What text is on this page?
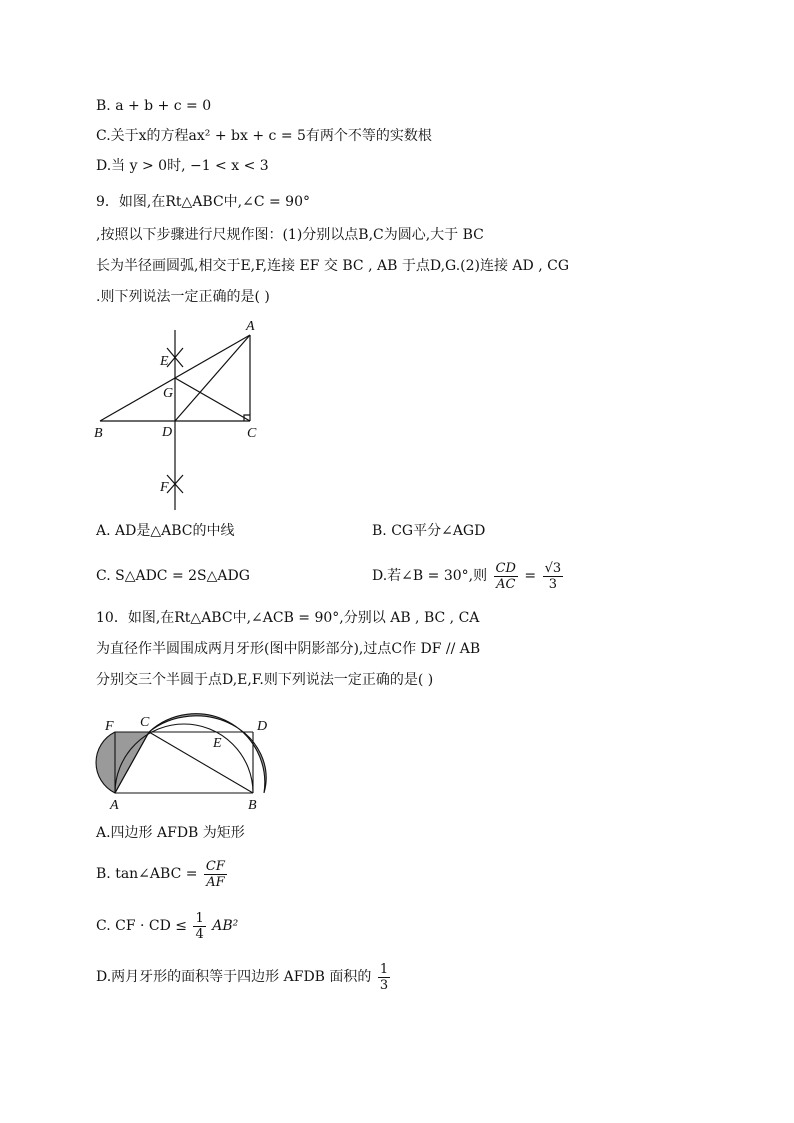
B. a + b + c = 0
C.关于x的方程ax² + bx + c = 5有两个不等的实数根
D.当 y > 0时, −1 < x < 3
9．如图,在Rt△ABC中,∠C = 90°
,按照以下步骤进行尺规作图：(1)分别以点B,C为圆心,大于 BC
长为半径画圆弧,相交于E,F,连接 EF 交 BC , AB 于点D,G.(2)连接 AD , CG
.则下列说法一定正确的是( )
A
B	C
D
E
F
G
A. AD是△ABC的中线	B. CG平分∠AGD
C. S△ADC = 2S△ADG	D.若∠B = 30°,则 $\frac{CD}{AC} = \frac{√3}{3}$
10．如图,在Rt△ABC中,∠ACB = 90°,分别以 AB , BC , CA
为直径作半圆围成两月牙形(图中阴影部分),过点C作 DF // AB
分别交三个半圆于点D,E,F.则下列说法一定正确的是( )
A	B
C	D
E
F
A.四边形 AFDB 为矩形
B. tan∠ABC = $\frac{CF}{AF}$
C. CF · CD ≤ $\frac{1}{4} AB^2$
D.两月牙形的面积等于四边形 AFDB 面积的 $\frac{1}{3}$
